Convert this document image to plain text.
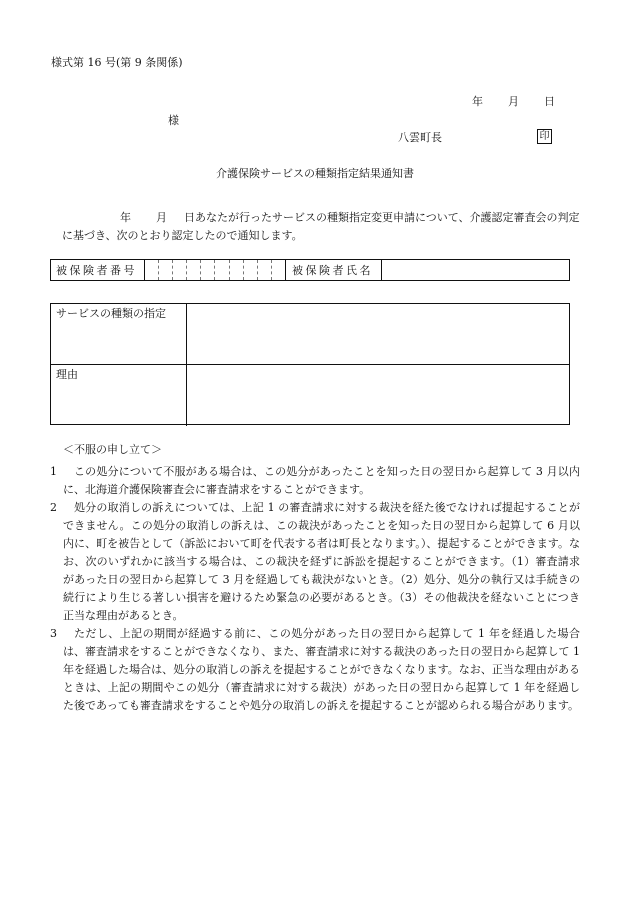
様式第 16 号(第 9 条関係)
年 月 日
様
八雲町長	印
介護保険サービスの種類指定結果通知書
年 月 日あなたが行ったサービスの種類指定変更申請について、介護認定審査会の判定に基づき、次のとおり認定したので通知します。
被保険者番号	被保険者氏名
サービスの種類の指定
理由
＜不服の申し立て＞
1	この処分について不服がある場合は、この処分があったことを知った日の翌日から起算して 3 月以内に、北海道介護保険審査会に審査請求をすることができます。
2	処分の取消しの訴えについては、上記 1 の審査請求に対する裁決を経た後でなければ提起することができません。この処分の取消しの訴えは、この裁決があったことを知った日の翌日から起算して 6 月以内に、町を被告として（訴訟において町を代表する者は町長となります。）、提起することができます。なお、次のいずれかに該当する場合は、この裁決を経ずに訴訟を提起することができます。（1）審査請求があった日の翌日から起算して 3 月を経過しても裁決がないとき。（2）処分、処分の執行又は手続きの続行により生じる著しい損害を避けるため緊急の必要があるとき。（3）その他裁決を経ないことにつき正当な理由があるとき。
3	ただし、上記の期間が経過する前に、この処分があった日の翌日から起算して 1 年を経過した場合は、審査請求をすることができなくなり、また、審査請求に対する裁決のあった日の翌日から起算して 1 年を経過した場合は、処分の取消しの訴えを提起することができなくなります。なお、正当な理由があるときは、上記の期間やこの処分（審査請求に対する裁決）があった日の翌日から起算して 1 年を経過した後であっても審査請求をすることや処分の取消しの訴えを提起することが認められる場合があります。
